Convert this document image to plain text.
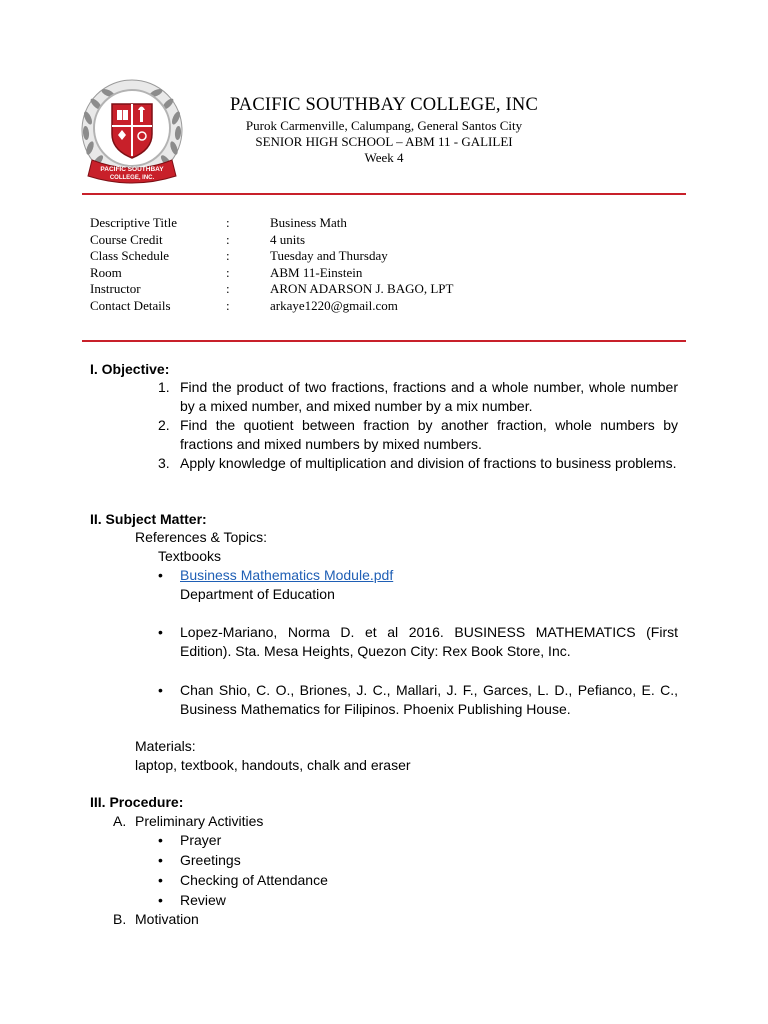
PACIFIC SOUTHBAY
COLLEGE, INC.
PACIFIC SOUTHBAY COLLEGE, INC
Purok Carmenville, Calumpang, General Santos City
SENIOR HIGH SCHOOL – ABM 11 - GALILEI
Week 4
Descriptive Title	:	Business Math
Course Credit	:	4 units
Class Schedule	:	Tuesday and Thursday
Room	:	ABM 11-Einstein
Instructor	:	ARON ADARSON J. BAGO, LPT
Contact Details	:	arkaye1220@gmail.com
I. Objective:
1. Find the product of two fractions, fractions and a whole number, whole number by a mixed number, and mixed number by a mix number.
2. Find the quotient between fraction by another fraction, whole numbers by fractions and mixed numbers by mixed numbers.
3. Apply knowledge of multiplication and division of fractions to business problems.
II. Subject Matter:
References & Topics:
Textbooks
• Business Mathematics Module.pdf
Department of Education
• Lopez-Mariano, Norma D. et al 2016. BUSINESS MATHEMATICS (First Edition). Sta. Mesa Heights, Quezon City: Rex Book Store, Inc.
• Chan Shio, C. O., Briones, J. C., Mallari, J. F., Garces, L. D., Pefianco, E. C., Business Mathematics for Filipinos. Phoenix Publishing House.
Materials:
laptop, textbook, handouts, chalk and eraser
III. Procedure:
A. Preliminary Activities
• Prayer
• Greetings
• Checking of Attendance
• Review
B. Motivation
